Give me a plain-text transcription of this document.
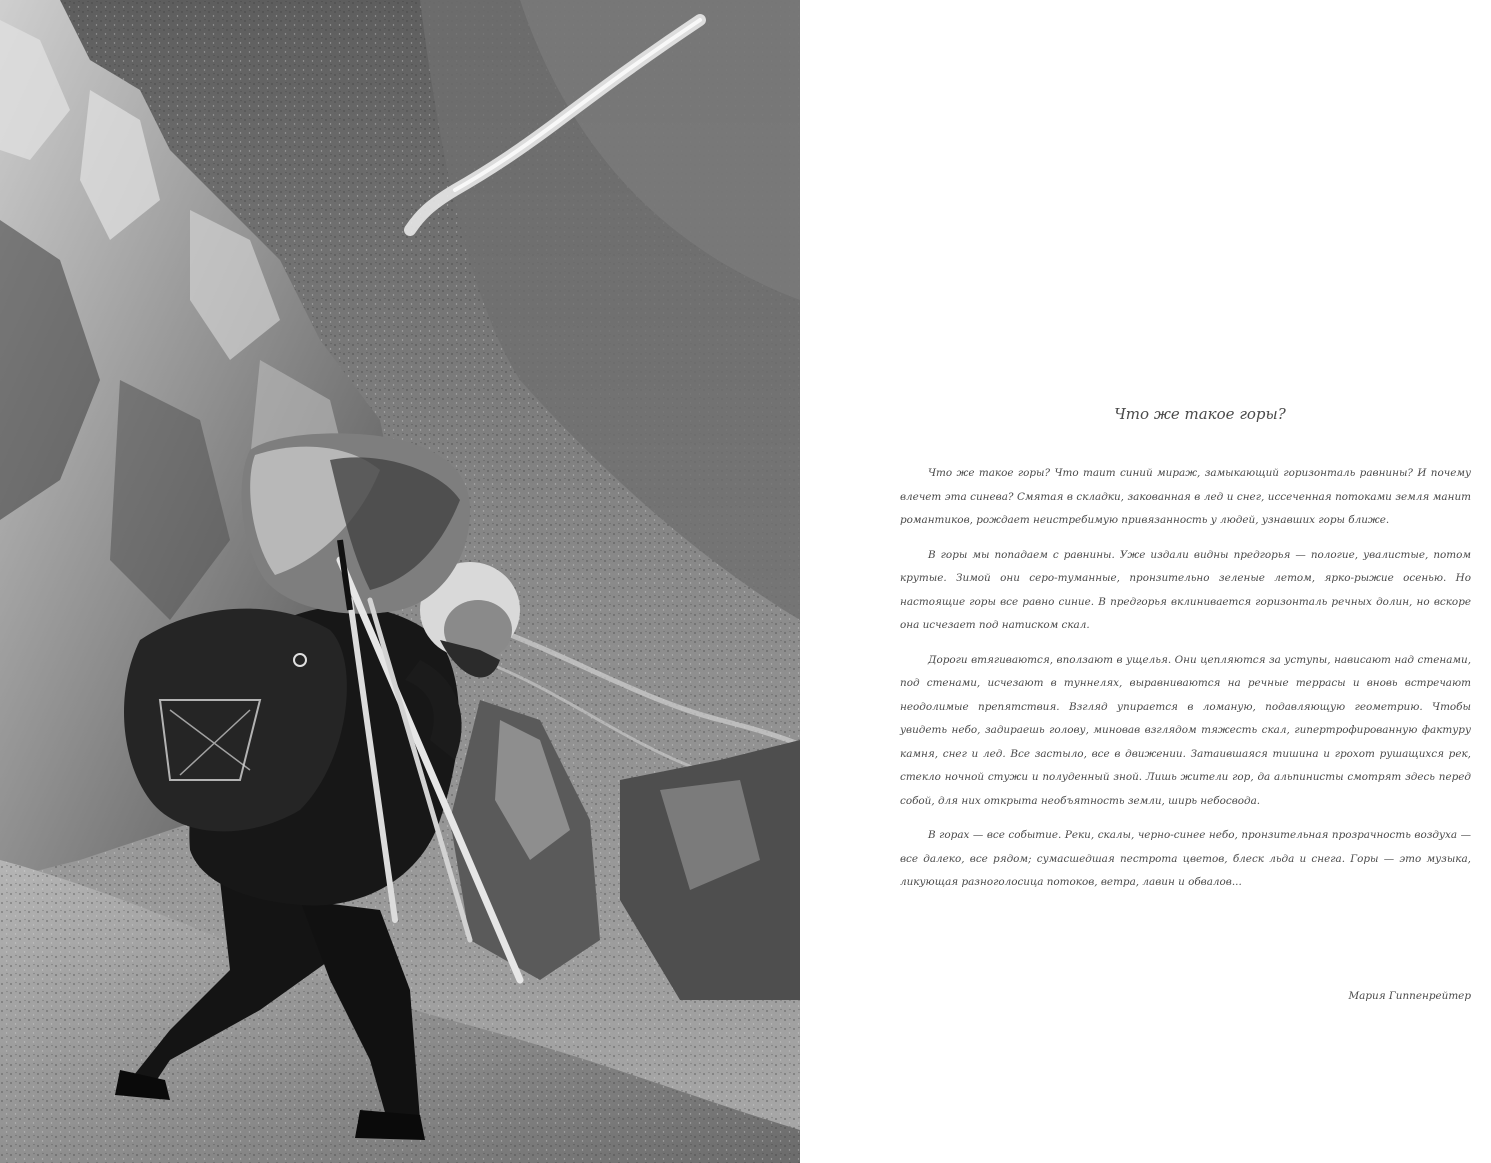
Что же такое горы?

Что же такое горы? Что таит синий мираж, замыкающий горизонталь равнины? И почему влечет эта синева? Смятая в складки, закованная в лед и снег, иссеченная потоками земля манит романтиков, рождает неистребимую привязанность у людей, узнавших горы ближе.

В горы мы попадаем с равнины. Уже издали видны предгорья — пологие, увалистые, потом крутые. Зимой они серо-туманные, пронзительно зеленые летом, ярко-рыжие осенью. Но настоящие горы все равно синие. В предгорья вклинивается горизонталь речных долин, но вскоре она исчезает под натиском скал.

Дороги втягиваются, вползают в ущелья. Они цепляются за уступы, нависают над стенами, под стенами, исчезают в туннелях, выравниваются на речные террасы и вновь встречают неодолимые препятствия. Взгляд упирается в ломаную, подавляющую геометрию. Чтобы увидеть небо, задираешь голову, миновав взглядом тяжесть скал, гипертрофированную фактуру камня, снег и лед. Все застыло, все в движении. Затаившаяся тишина и грохот рушащихся рек, стекло ночной стужи и полуденный зной. Лишь жители гор, да альпинисты смотрят здесь перед собой, для них открыта необъятность земли, ширь небосвода.

В горах — все событие. Реки, скалы, черно-синее небо, пронзительная прозрачность воздуха — все далеко, все рядом; сумасшедшая пестрота цветов, блеск льда и снега. Горы — это музыка, ликующая разноголосица потоков, ветра, лавин и обвалов...

Мария Гиппенрейтер
